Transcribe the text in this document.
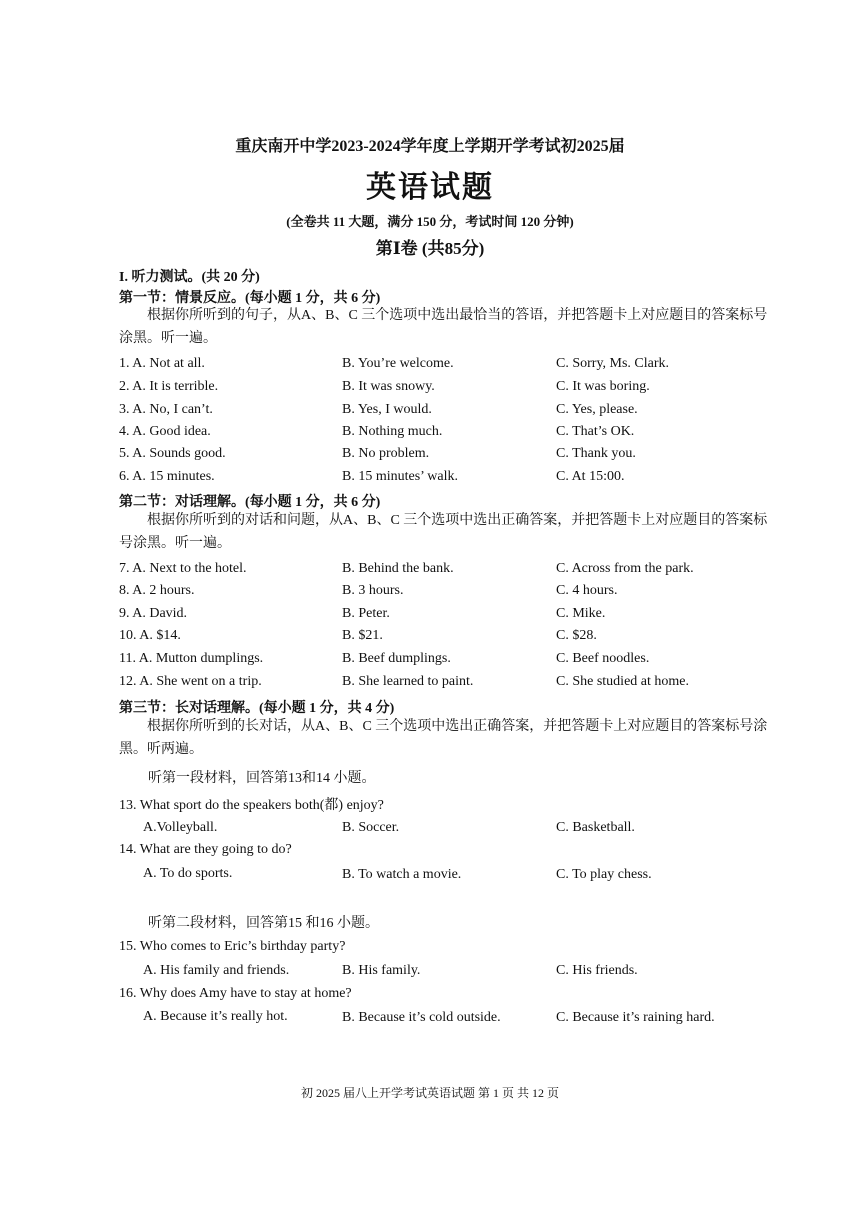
重庆南开中学2023-2024学年度上学期开学考试初2025届
英语试题
(全卷共 11 大题，满分 150 分，考试时间 120 分钟)
第Ⅰ卷 (共85分)
I. 听力测试。(共 20 分)
第一节：情景反应。(每小题 1 分，共 6 分)
根据你所听到的句子，从A、B、C 三个选项中选出最恰当的答语，并把答题卡上对应题目的答案标号涂黑。听一遍。
1. A. Not at all.	B. You’re welcome.	C. Sorry, Ms. Clark.
2. A. It is terrible.	B. It was snowy.	C. It was boring.
3. A. No, I can’t.	B. Yes, I would.	C. Yes, please.
4. A. Good idea.	B. Nothing much.	C. That’s OK.
5. A. Sounds good.	B. No problem.	C. Thank you.
6. A. 15 minutes.	B. 15 minutes’ walk.	C. At 15:00.
第二节：对话理解。(每小题 1 分，共 6 分)
根据你所听到的对话和问题，从A、B、C 三个选项中选出正确答案，并把答题卡上对应题目的答案标号涂黑。听一遍。
7. A. Next to the hotel.	B. Behind the bank.	C. Across from the park.
8. A. 2 hours.	B. 3 hours.	C. 4 hours.
9. A. David.	B. Peter.	C. Mike.
10. A. $14.	B. $21.	C. $28.
11. A. Mutton dumplings.	B. Beef dumplings.	C. Beef noodles.
12. A. She went on a trip.	B. She learned to paint.	C. She studied at home.
第三节：长对话理解。(每小题 1 分，共 4 分)
根据你所听到的长对话，从A、B、C 三个选项中选出正确答案，并把答题卡上对应题目的答案标号涂黑。听两遍。
听第一段材料，回答第13和14 小题。
13. What sport do the speakers both(都) enjoy?
A.Volleyball.	B. Soccer.	C. Basketball.
14. What are they going to do?
A. To do sports.	B. To watch a movie.	C. To play chess.
听第二段材料，回答第15 和16 小题。
15. Who comes to Eric’s birthday party?
A. His family and friends.	B. His family.	C. His friends.
16. Why does Amy have to stay at home?
A. Because it’s really hot.	B. Because it’s cold outside.	C. Because it’s raining hard.
初 2025 届八上开学考试英语试题 第 1 页 共 12 页
